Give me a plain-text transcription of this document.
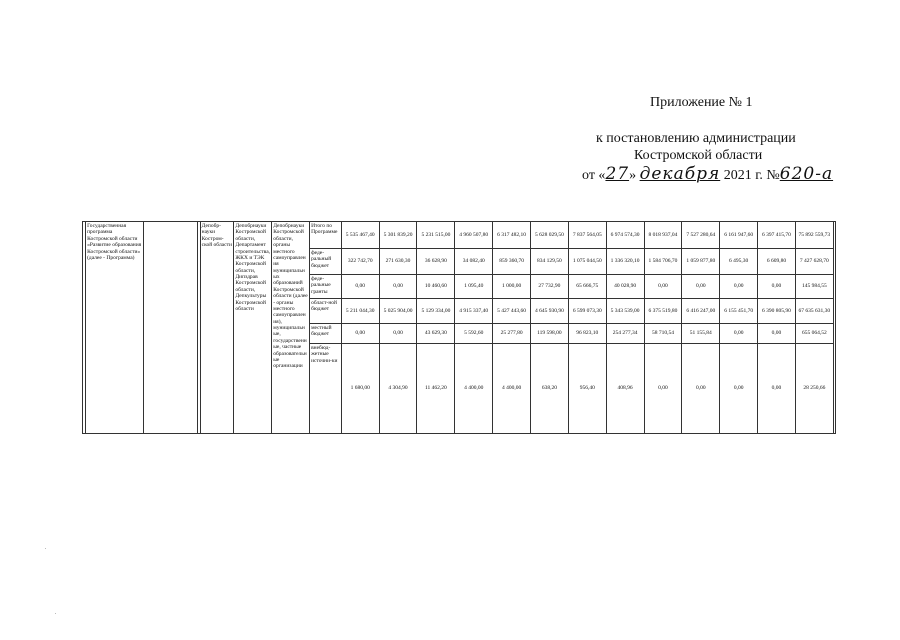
Приложение № 1
к постановлению администрации
Костромской области
от «27» декабря 2021 г. №620-а
	Государственная программа Костромской области «Развитие образования Костромской области» (далее - Программа)			Депобр-науки Костром-ской области	Депобрнауки Костромской области, Департамент строительства, ЖКХ и ТЭК Костромской области, Дипздрав Костромской области, Депкультуры Костромской области	Депобрнауки Костромской области, органы местного самоуправления муниципальных образований Костромской области (далее - органы местного самоуправления), муниципальные, государственные, частные образовательные организации	Итого по Программе	5 535 467,40	5 301 839,20	5 231 515,00	4 960 507,80	6 317 482,10	5 628 029,50	7 837 564,05	6 974 574,30	8 018 937,04	7 527 280,64	6 161 947,60	6 397 415,70	75 892 559,73	
							феде-ральный бюджет	322 742,70	271 630,30	36 628,90	34 082,40	859 360,70	834 129,50	1 075 044,50	1 336 320,10	1 584 706,70	1 059 877,80	6 495,30	6 609,80	7 427 628,70	
							феде-ральные гранты	0,00	0,00	10 460,60	1 095,40	1 000,00	27 732,90	65 666,75	40 028,90	0,00	0,00	0,00	0,00	145 984,55	
							област-ной бюджет	5 211 044,30	5 025 904,00	5 129 334,00	4 915 337,40	5 427 443,60	4 645 930,90	6 599 073,30	5 343 539,00	6 375 519,80	6 416 247,00	6 155 451,70	6 390 805,90	67 635 631,30	
							местный бюджет	0,00	0,00	43 629,30	5 592,60	25 277,80	119 598,00	96 823,10	254 277,34	58 710,54	51 155,84	0,00	0,00	655 064,52	
							внебюд-жетные источни-ки	1 680,00	4 304,90	11 462,20	4 400,00	4 400,00	638,20	956,40	408,96	0,00	0,00	0,00	0,00	28 250,66	
